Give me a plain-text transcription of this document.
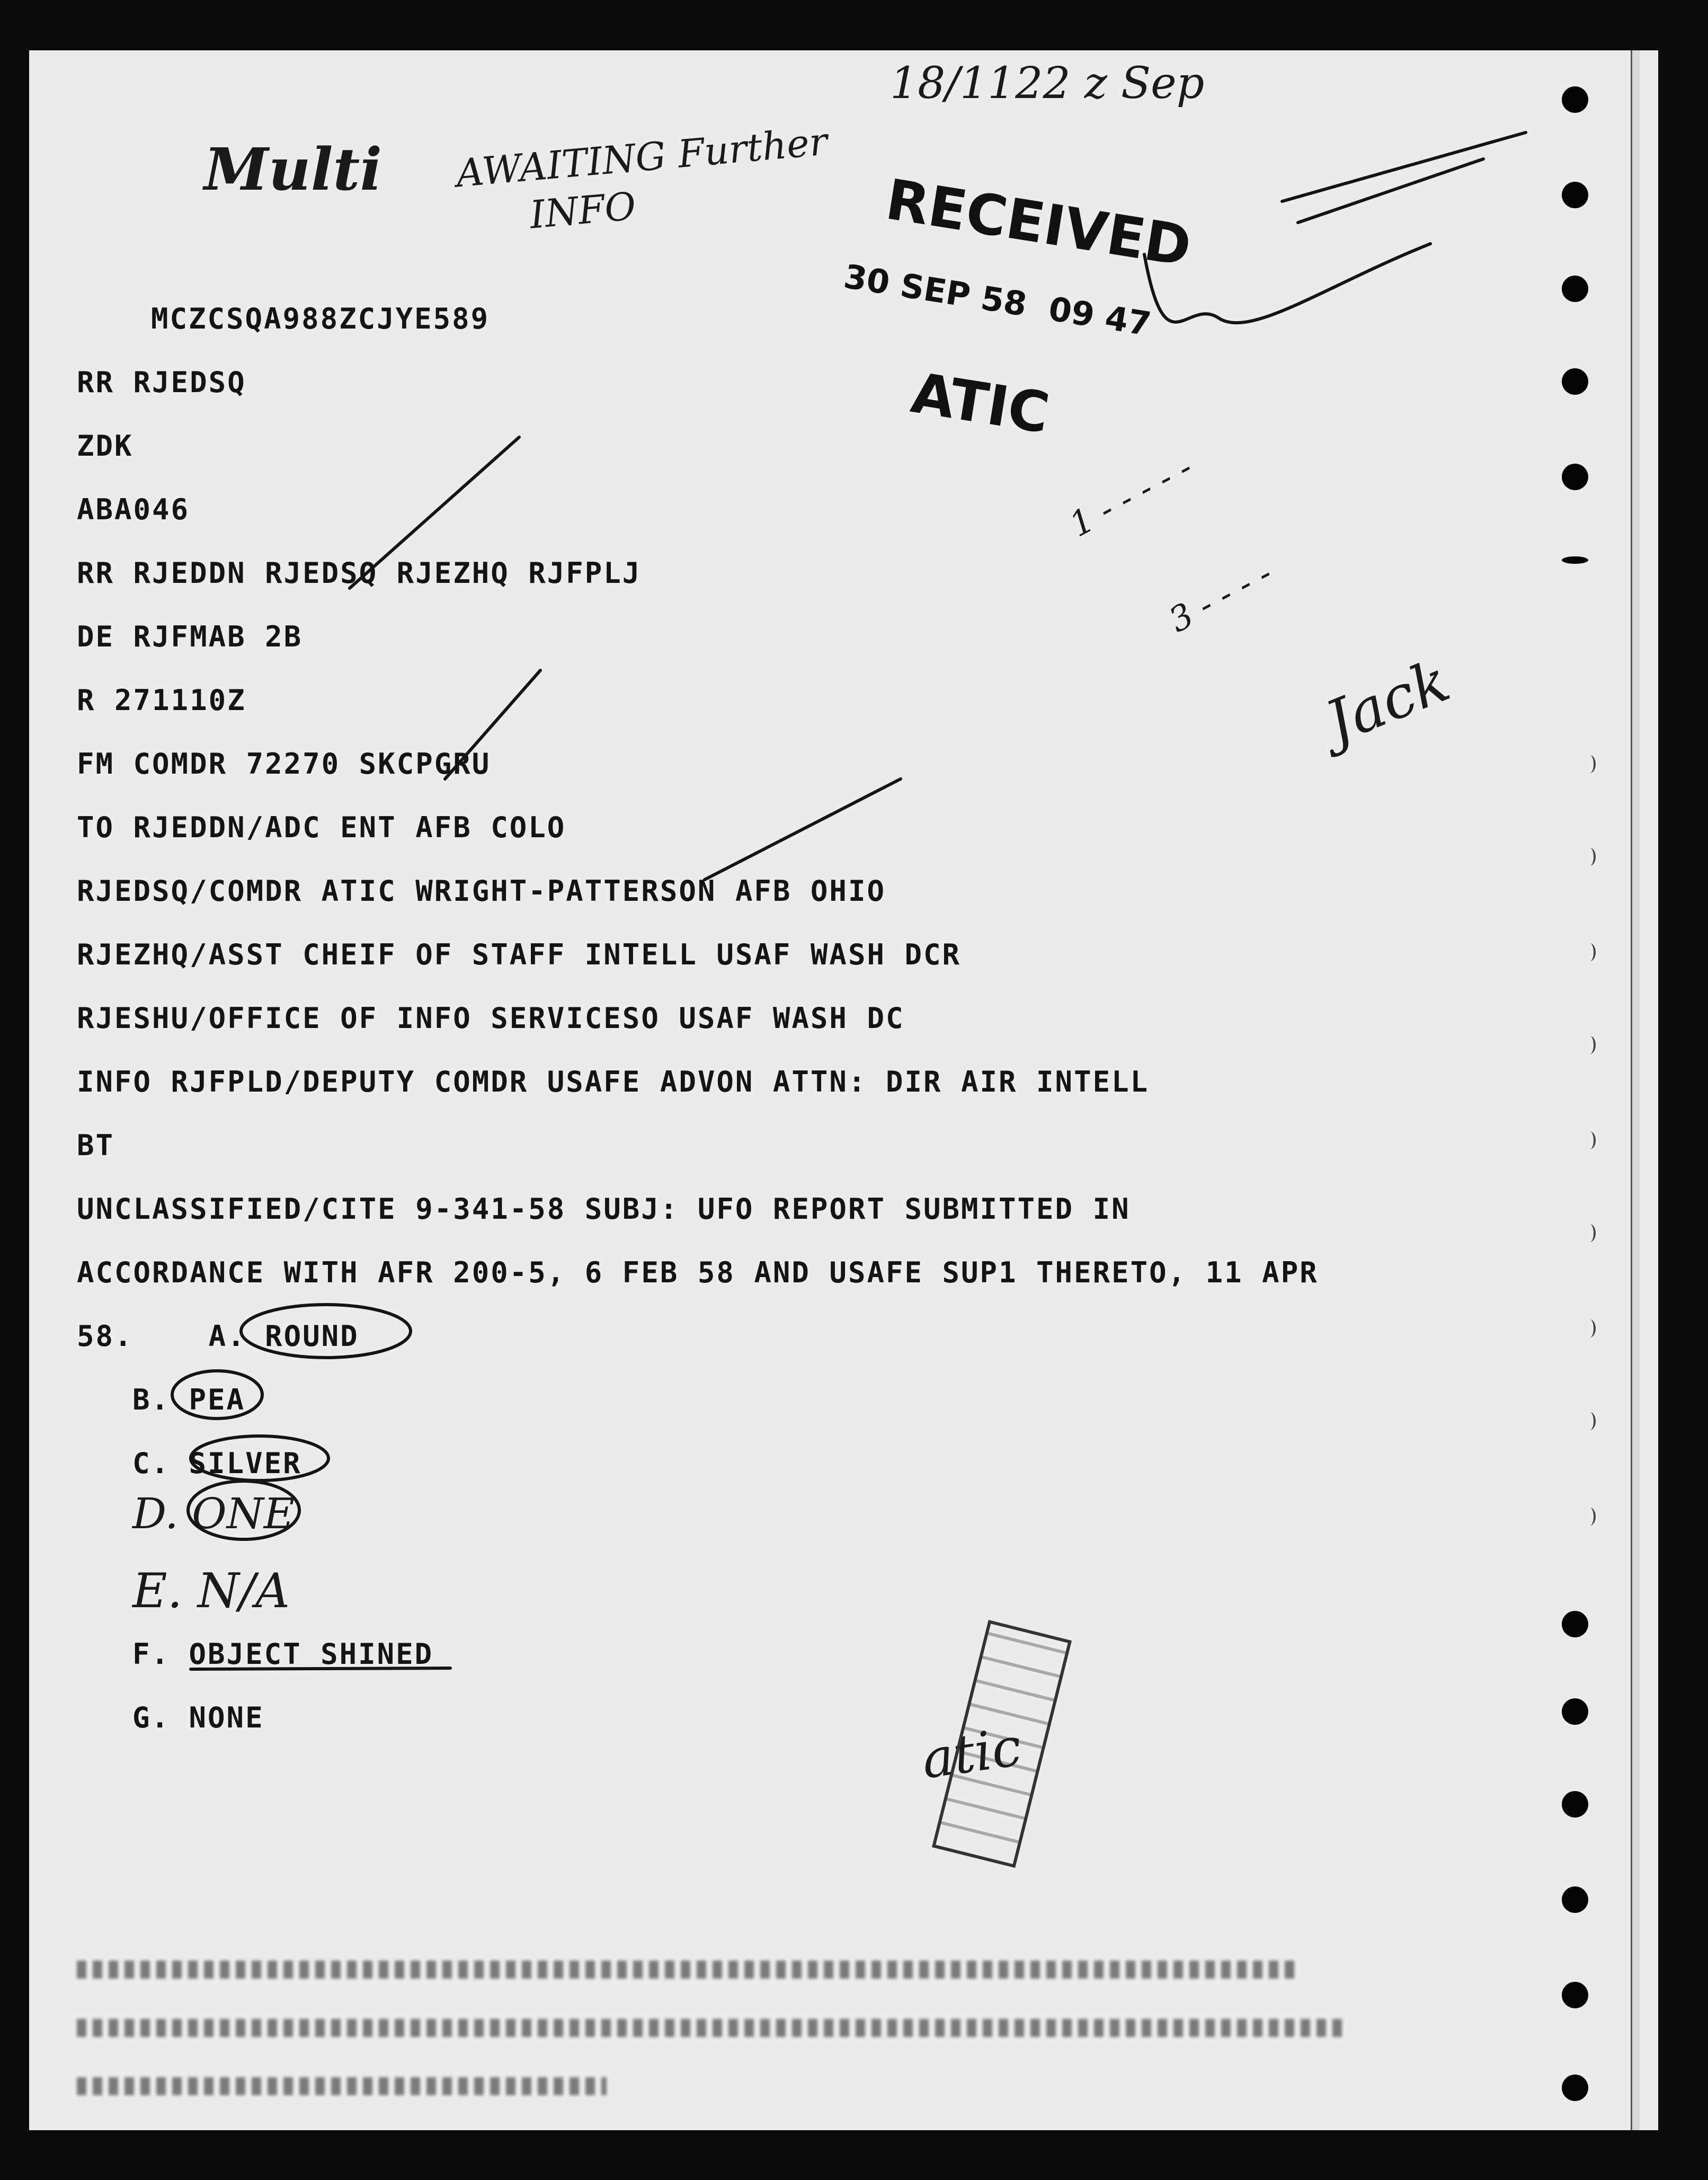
18/1122 z Sep

Multi AWAITING Further

INFO

1 - - - - -

3 - - - -

Jack

RECEIVED

30 SEP 58  09 47

ATIC

MCZCSQA988ZCJYE589

RR RJEDSQ

ZDK

ABA046

RR RJEDDN RJEDSQ RJEZHQ RJFPLJ

DE RJFMAB 2B

R 271110Z

FM COMDR 72270 SKCPGRU

TO RJEDDN/ADC ENT AFB COLO

RJEDSQ/COMDR ATIC WRIGHT-PATTERSON AFB OHIO

RJEZHQ/ASST CHEIF OF STAFF INTELL USAF WASH DCR

RJESHU/OFFICE OF INFO SERVICESO USAF WASH DC

INFO RJFPLD/DEPUTY COMDR USAFE ADVON ATTN: DIR AIR INTELL

BT

UNCLASSIFIED/CITE 9-341-58 SUBJ: UFO REPORT SUBMITTED IN

ACCORDANCE WITH AFR 200-5, 6 FEB 58 AND USAFE SUP1 THERETO, 11 APR

58.    A. ROUND

B. PEA

C. SILVER

D. ONE

E. N/A

F. OBJECT SHINED

G. NONE
